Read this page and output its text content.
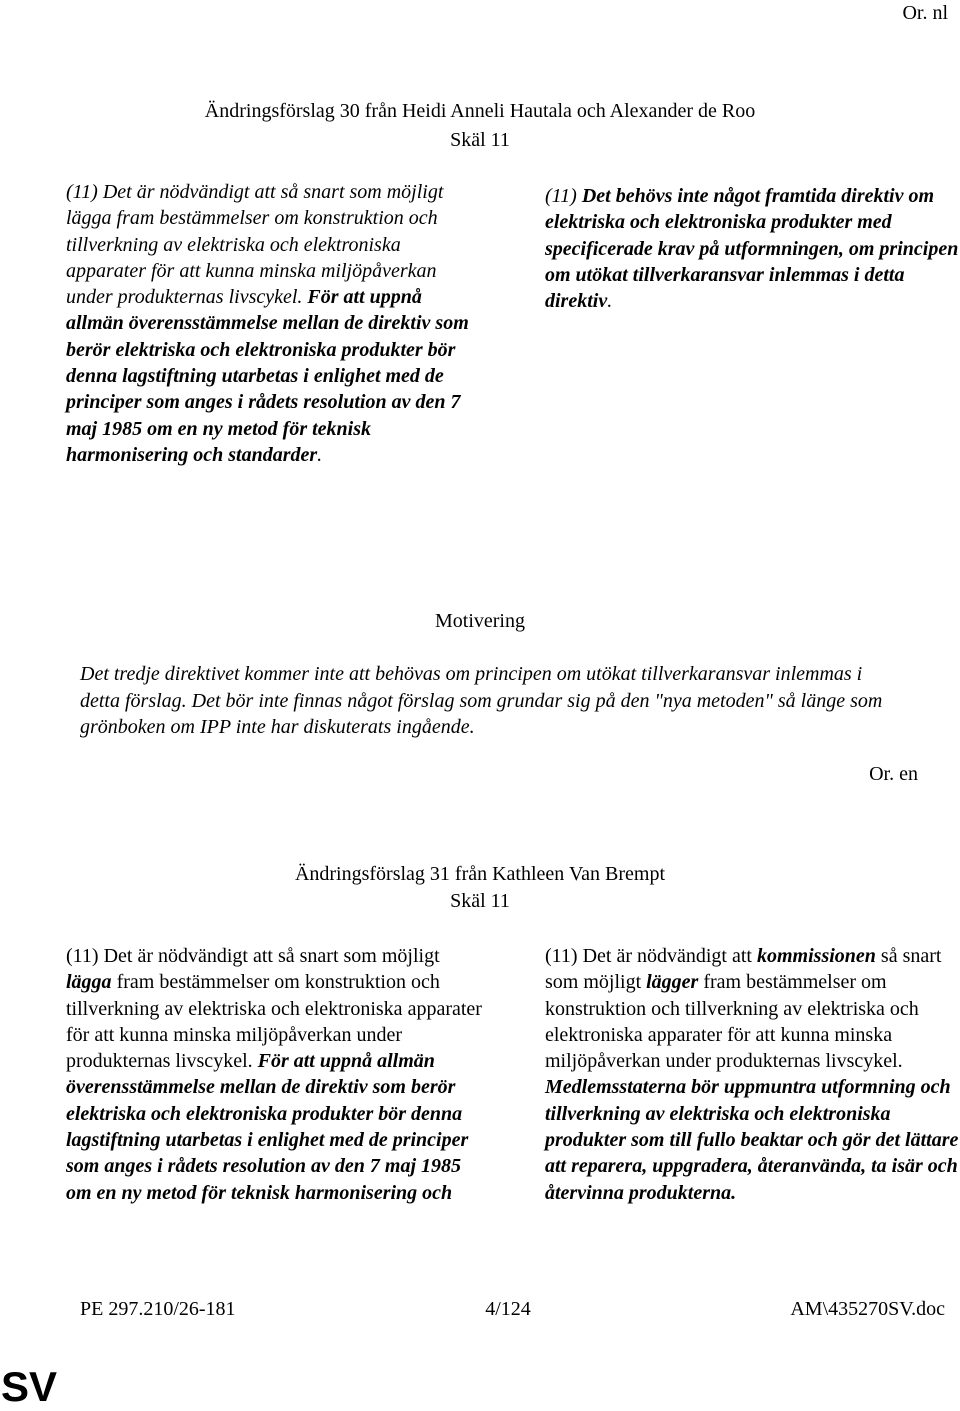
Or. nl
Ändringsförslag 30 från Heidi Anneli Hautala och Alexander de Roo
Skäl 11
(11) Det är nödvändigt att så snart som möjligt lägga fram bestämmelser om konstruktion och tillverkning av elektriska och elektroniska apparater för att kunna minska miljöpåverkan under produkternas livscykel. För att uppnå allmän överensstämmelse mellan de direktiv som berör elektriska och elektroniska produkter bör denna lagstiftning utarbetas i enlighet med de principer som anges i rådets resolution av den 7 maj 1985 om en ny metod för teknisk harmonisering och standarder.
(11) Det behövs inte något framtida direktiv om elektriska och elektroniska produkter med specificerade krav på utformningen, om principen om utökat tillverkaransvar inlemmas i detta direktiv.
Motivering
Det tredje direktivet kommer inte att behövas om principen om utökat tillverkaransvar inlemmas i detta förslag. Det bör inte finnas något förslag som grundar sig på den "nya metoden" så länge som grönboken om IPP inte har diskuterats ingående.
Or. en
Ändringsförslag 31 från Kathleen Van Brempt
Skäl 11
(11) Det är nödvändigt att så snart som möjligt lägga fram bestämmelser om konstruktion och tillverkning av elektriska och elektroniska apparater för att kunna minska miljöpåverkan under produkternas livscykel. För att uppnå allmän överensstämmelse mellan de direktiv som berör elektriska och elektroniska produkter bör denna lagstiftning utarbetas i enlighet med de principer som anges i rådets resolution av den 7 maj 1985 om en ny metod för teknisk harmonisering och
(11) Det är nödvändigt att kommissionen så snart som möjligt lägger fram bestämmelser om konstruktion och tillverkning av elektriska och elektroniska apparater för att kunna minska miljöpåverkan under produkternas livscykel. Medlemsstaterna bör uppmuntra utformning och tillverkning av elektriska och elektroniska produkter som till fullo beaktar och gör det lättare att reparera, uppgradera, återanvända, ta isär och återvinna produkterna.
PE 297.210/26-181	4/124	AM\435270SV.doc
SV
